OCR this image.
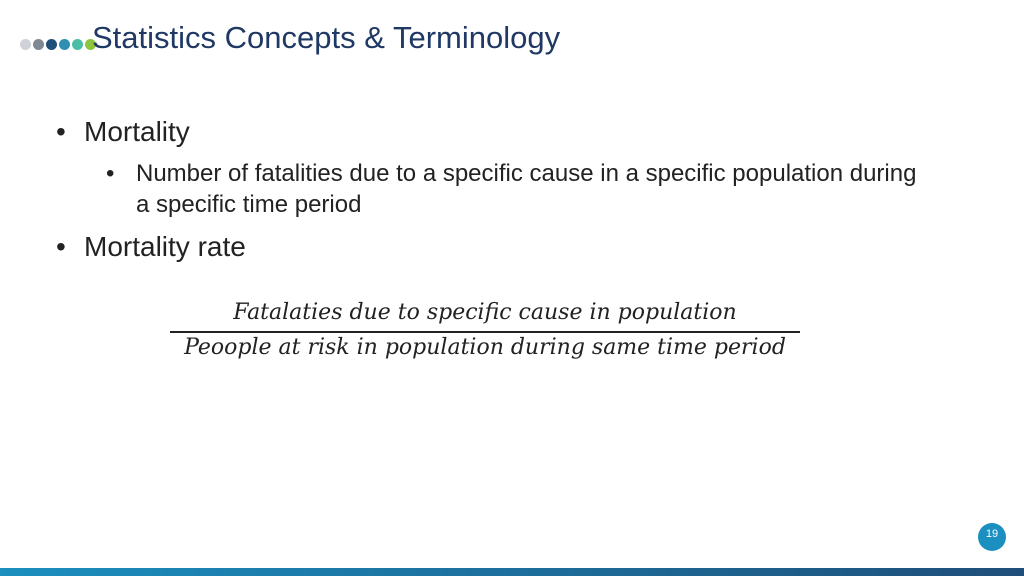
Statistics Concepts & Terminology
• Mortality
• Number of fatalities due to a specific cause in a specific population during a specific time period
• Mortality rate
Fatalaties due to specific cause in population
Peoople at risk in population during same time period
19
